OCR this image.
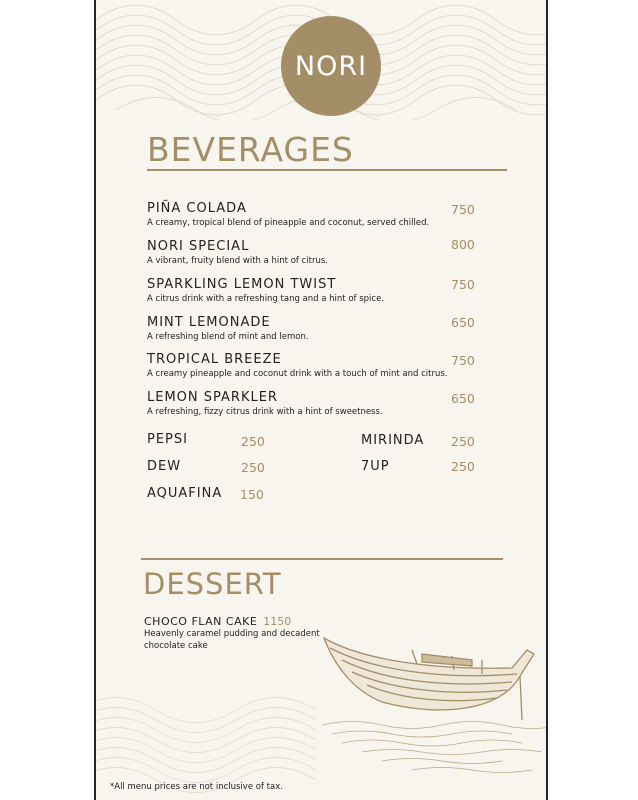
NORI
BEVERAGES
PIÑA COLADA
A creamy, tropical blend of pineapple and coconut, served chilled.
750
NORI SPECIAL
A vibrant, fruity blend with a hint of citrus.
800
SPARKLING LEMON TWIST
A citrus drink with a refreshing tang and a hint of spice.
750
MINT LEMONADE
A refreshing blend of mint and lemon.
650
TROPICAL BREEZE
A creamy pineapple and coconut drink with a touch of mint and citrus.
750
LEMON SPARKLER
A refreshing, fizzy citrus drink with a hint of sweetness.
650
PEPSI	250	MIRINDA 250
DEW	250	7UP	250
AQUAFINA 150
DESSERT
CHOCO FLAN CAKE 1150
Heavenly caramel pudding and decadent chocolate cake
*All menu prices are not inclusive of tax.
